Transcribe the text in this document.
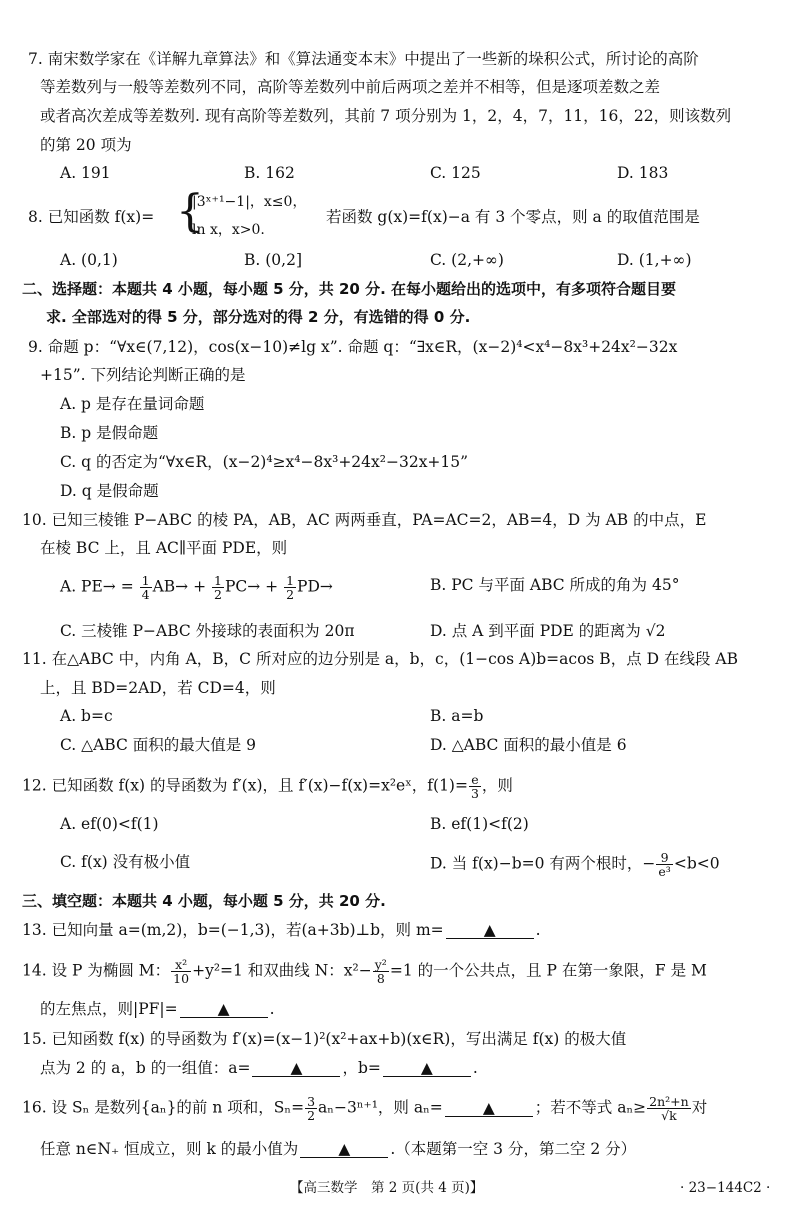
7. 南宋数学家在《详解九章算法》和《算法通变本末》中提出了一些新的垛积公式，所讨论的高阶
等差数列与一般等差数列不同，高阶等差数列中前后两项之差并不相等，但是逐项差数之差
或者高次差成等差数列. 现有高阶等差数列，其前 7 项分别为 1，2，4，7，11，16，22，则该数列
的第 20 项为
A. 191	B. 162	C. 125	D. 183
8. 已知函数 f(x)= {
|3ˣ⁺¹−1|，x≤0，
ln x，x>0.
若函数 g(x)=f(x)−a 有 3 个零点，则 a 的取值范围是
A. (0,1)	B. (0,2]	C. (2,+∞)	D. (1,+∞)
二、选择题：本题共 4 小题，每小题 5 分，共 20 分. 在每小题给出的选项中，有多项符合题目要
求. 全部选对的得 5 分，部分选对的得 2 分，有选错的得 0 分.
9. 命题 p：“∀x∈(7,12)，cos(x−10)≠lg x”. 命题 q：“∃x∈R，(x−2)⁴<x⁴−8x³+24x²−32x
+15”. 下列结论判断正确的是
A. p 是存在量词命题
B. p 是假命题
C. q 的否定为“∀x∈R，(x−2)⁴≥x⁴−8x³+24x²−32x+15”
D. q 是假命题
10. 已知三棱锥 P−ABC 的棱 PA，AB，AC 两两垂直，PA=AC=2，AB=4，D 为 AB 的中点，E
在棱 BC 上，且 AC∥平面 PDE，则
A. $PE\to = \frac{1}{4} AB\to + \frac{1}{2} PC\to + \frac{1}{2} PD\to$	B. PC 与平面 ABC 所成的角为 45°
C. 三棱锥 P−ABC 外接球的表面积为 20π	D. 点 A 到平面 PDE 的距离为 √2
11. 在△ABC 中，内角 A，B，C 所对应的边分别是 a，b，c，(1−cos A)b=acos B，点 D 在线段 AB
上，且 BD=2AD，若 CD=4，则
A. b=c	B. a=b
C. △ABC 面积的最大值是 9	D. △ABC 面积的最小值是 6
12. 已知函数 f(x) 的导函数为 f′(x)，且 f′(x)−f(x)=x²eˣ，$f(1)= \frac{e}{3}$ ，则
A. ef(0)<f(1)	B. ef(1)<f(2)
C. f(x) 没有极小值	D. 当 f(x)−b=0 有两个根时，− $\frac{9}{\text{e³}} <b<0$
三、填空题：本题共 4 小题，每小题 5 分，共 20 分.
13. 已知向量 a=(m,2)，b=(−1,3)，若(a+3b)⊥b，则 m=	▲	.
14. 设 P 为椭圆 M： $\frac{\text{x²}}{10} +y^2=1$ 和双曲线 N：$x^2- \frac{\text{y²}}{8} =1$ 的一个公共点，且 P 在第一象限，F 是 M
的左焦点，则|PF|=	▲	.
15. 已知函数 f(x) 的导函数为 f′(x)=(x−1)²(x²+ax+b)(x∈R)，写出满足 f(x) 的极大值
点为 2 的 a，b 的一组值：a=	▲	，b=	▲	.
16. 设 Sₙ 是数列{aₙ}的前 n 项和，$S_n= \frac{3}{2} a_n-3^{n+1}$，则 aₙ=	▲	；若不等式 $a_n\ge \frac{\text{2n²+n}}{√k}$ 对
任意 n∈N₊ 恒成立，则 k 的最小值为	▲	.（本题第一空 3 分，第二空 2 分）
【高三数学　第 2 页(共 4 页)】	· 23−144C2 ·
